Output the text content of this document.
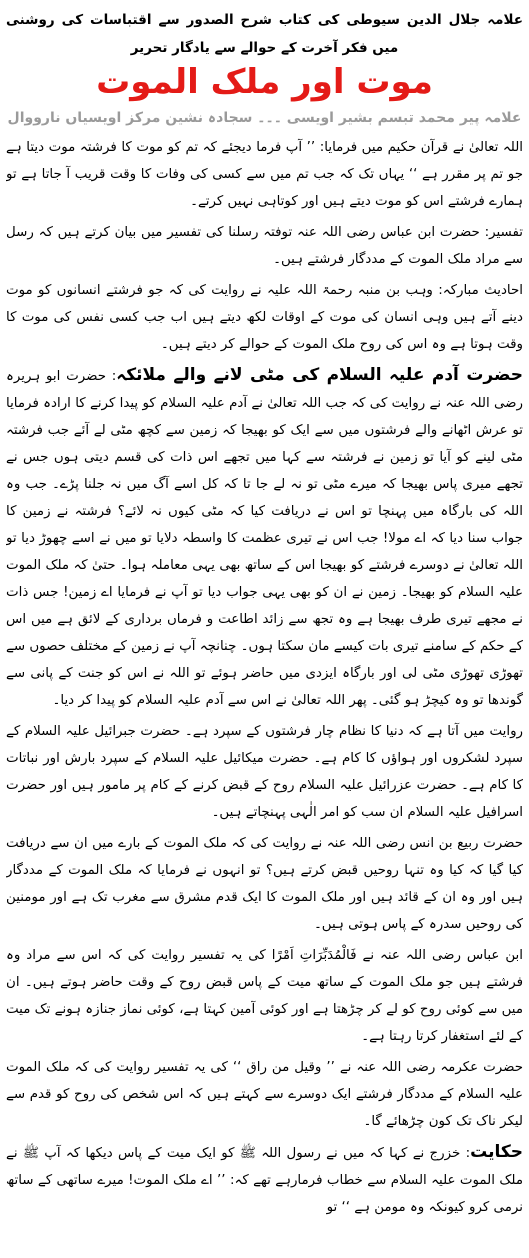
علامہ جلال الدین سیوطی کی کتاب شرح الصدور سے اقتباسات کی روشنی میں فکر آخرت کے حوالے سے یادگار تحریر
موت اور ملک الموت
علامہ پیر محمد تبسم بشیر اویسی ۔۔۔ سجادہ نشین مرکز اویسیاں نارووال

اللہ تعالیٰ نے قرآن حکیم میں فرمایا: ’’ آپ فرما دیجئے کہ تم کو موت کا فرشتہ موت دیتا ہے جو تم پر مقرر ہے ‘‘ یہاں تک کہ جب تم میں سے کسی کی وفات کا وقت قریب آ جاتا ہے تو ہمارے فرشتے اس کو موت دیتے ہیں اور کوتاہی نہیں کرتے۔

تفسیر: حضرت ابن عباس رضی اللہ عنہ توفتہ رسلنا کی تفسیر میں بیان کرتے ہیں کہ رسل سے مراد ملک الموت کے مددگار فرشتے ہیں۔

احادیث مبارکہ: وہب بن منبہ رحمۃ اللہ علیہ نے روایت کی کہ جو فرشتے انسانوں کو موت دینے آتے ہیں وہی انسان کی موت کے اوقات لکھ دیتے ہیں اب جب کسی نفس کی موت کا وقت ہوتا ہے وہ اس کی روح ملک الموت کے حوالے کر دیتے ہیں۔

حضرت آدم علیہ السلام کی مٹی لانے والے ملائکہ: حضرت ابو ہریرہ رضی اللہ عنہ نے روایت کی کہ جب اللہ تعالیٰ نے آدم علیہ السلام کو پیدا کرنے کا ارادہ فرمایا تو عرش اٹھانے والے فرشتوں میں سے ایک کو بھیجا کہ زمین سے کچھ مٹی لے آئے جب فرشتہ مٹی لینے کو آیا تو زمین نے فرشتہ سے کہا میں تجھے اس ذات کی قسم دیتی ہوں جس نے تجھے میری پاس بھیجا کہ میرے مٹی تو نہ لے جا تا کہ کل اسے آگ میں نہ جلنا پڑے۔ جب وہ اللہ کی بارگاہ میں پہنچا تو اس نے دریافت کیا کہ مٹی کیوں نہ لائے؟ فرشتہ نے زمین کا جواب سنا دیا کہ اے مولا! جب اس نے تیری عظمت کا واسطہ دلایا تو میں نے اسے چھوڑ دیا تو اللہ تعالیٰ نے دوسرے فرشتے کو بھیجا اس کے ساتھ بھی یہی معاملہ ہوا۔ حتیٰ کہ ملک الموت علیہ السلام کو بھیجا۔ زمین نے ان کو بھی یہی جواب دیا تو آپ نے فرمایا اے زمین! جس ذات نے مجھے تیری طرف بھیجا ہے وہ تجھ سے زائد اطاعت و فرماں برداری کے لائق ہے میں اس کے حکم کے سامنے تیری بات کیسے مان سکتا ہوں۔ چنانچہ آپ نے زمین کے مختلف حصوں سے تھوڑی تھوڑی مٹی لی اور بارگاہ ایزدی میں حاضر ہوئے تو اللہ نے اس کو جنت کے پانی سے گوندھا تو وہ کیچڑ ہو گئی۔ پھر اللہ تعالیٰ نے اس سے آدم علیہ السلام کو پیدا کر دیا۔

روایت میں آتا ہے کہ دنیا کا نظام چار فرشتوں کے سپرد ہے۔ حضرت جبرائیل علیہ السلام کے سپرد لشکروں اور ہواؤں کا کام ہے۔ حضرت میکائیل علیہ السلام کے سپرد بارش اور نباتات کا کام ہے۔ حضرت عزرائیل علیہ السلام روح کے قبض کرنے کے کام پر مامور ہیں اور حضرت اسرافیل علیہ السلام ان سب کو امر الٰہی پہنچاتے ہیں۔

حضرت ربیع بن انس رضی اللہ عنہ نے روایت کی کہ ملک الموت کے بارے میں ان سے دریافت کیا گیا کہ کیا وہ تنہا روحیں قبض کرتے ہیں؟ تو انہوں نے فرمایا کہ ملک الموت کے مددگار ہیں اور وہ ان کے قائد ہیں اور ملک الموت کا ایک قدم مشرق سے مغرب تک ہے اور مومنین کی روحیں سدرہ کے پاس ہوتی ہیں۔

ابن عباس رضی اللہ عنہ نے فَالْمُدَبِّرَاتِ اَمْرًا کی یہ تفسیر روایت کی کہ اس سے مراد وہ فرشتے ہیں جو ملک الموت کے ساتھ میت کے پاس قبض روح کے وقت حاضر ہوتے ہیں۔ ان میں سے کوئی روح کو لے کر چڑھتا ہے اور کوئی آمین کہتا ہے، کوئی نماز جنازہ ہونے تک میت کے لئے استغفار کرتا رہتا ہے۔

حضرت عکرمہ رضی اللہ عنہ نے ’’ وقیل من راق ‘‘ کی یہ تفسیر روایت کی کہ ملک الموت علیہ السلام کے مددگار فرشتے ایک دوسرے سے کہتے ہیں کہ اس شخص کی روح کو قدم سے لیکر ناک تک کون چڑھائے گا۔

حکایت: خزرج نے کہا کہ میں نے رسول اللہ ﷺ کو ایک میت کے پاس دیکھا کہ آپ ﷺ نے ملک الموت علیہ السلام سے خطاب فرمارہے تھے کہ: ’’ اے ملک الموت! میرے ساتھی کے ساتھ نرمی کرو کیونکہ وہ مومن ہے ‘‘ تو
